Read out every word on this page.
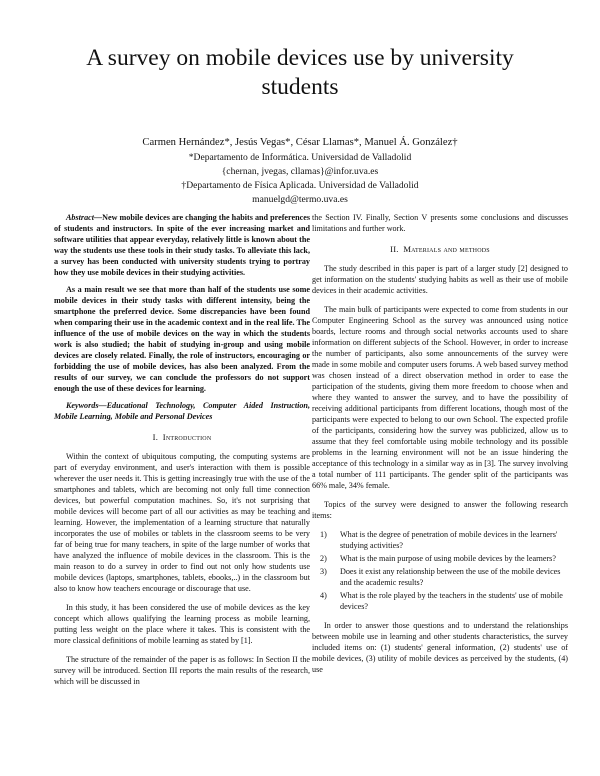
A survey on mobile devices use by university students
Carmen Hernández*, Jesús Vegas*, César Llamas*, Manuel Á. González†
*Departamento de Informática. Universidad de Valladolid
{chernan, jvegas, cllamas}@infor.uva.es
†Departamento de Física Aplicada. Universidad de Valladolid
manuelgd@termo.uva.es

Abstract—New mobile devices are changing the habits and preferences of students and instructors. In spite of the ever increasing market and software utilities that appear everyday, relatively little is known about the way the students use these tools in their study tasks. To alleviate this lack, a survey has been conducted with university students trying to portray how they use mobile devices in their studying activities.

As a main result we see that more than half of the students use some mobile devices in their study tasks with different intensity, being the smartphone the preferred device. Some discrepancies have been found when comparing their use in the academic context and in the real life. The influence of the use of mobile devices on the way in which the students work is also studied; the habit of studying in-group and using mobile devices are closely related. Finally, the role of instructors, encouraging or forbidding the use of mobile devices, has also been analyzed. From the results of our survey, we can conclude the professors do not support enough the use of these devices for learning.

Keywords—Educational Technology, Computer Aided Instruction, Mobile Learning, Mobile and Personal Devices

I. Introduction

Within the context of ubiquitous computing, the computing systems are part of everyday environment, and user's interaction with them is possible wherever the user needs it. This is getting increasingly true with the use of the smartphones and tablets, which are becoming not only full time connection devices, but powerful computation machines. So, it's not surprising that mobile devices will become part of all our activities as may be teaching and learning. However, the implementation of a learning structure that naturally incorporates the use of mobiles or tablets in the classroom seems to be very far of being true for many teachers, in spite of the large number of works that have analyzed the influence of mobile devices in the classroom. This is the main reason to do a survey in order to find out not only how students use mobile devices (laptops, smartphones, tablets, ebooks,..) in the classroom but also to know how teachers encourage or discourage that use.

In this study, it has been considered the use of mobile devices as the key concept which allows qualifying the learning process as mobile learning, putting less weight on the place where it takes. This is consistent with the more classical definitions of mobile learning as stated by [1].

The structure of the remainder of the paper is as follows: In Section II the survey will be introduced. Section III reports the main results of the research, which will be discussed in

the Section IV. Finally, Section V presents some conclusions and discusses limitations and further work.

II. Materials and methods

The study described in this paper is part of a larger study [2] designed to get information on the students' studying habits as well as their use of mobile devices in their academic activities.

The main bulk of participants were expected to come from students in our Computer Engineering School as the survey was announced using notice boards, lecture rooms and through social networks accounts used to share information on different subjects of the School. However, in order to increase the number of participants, also some announcements of the survey were made in some mobile and computer users forums. A web based survey method was chosen instead of a direct observation method in order to ease the participation of the students, giving them more freedom to choose when and where they wanted to answer the survey, and to have the possibility of receiving additional participants from different locations, though most of the participants were expected to belong to our own School. The expected profile of the participants, considering how the survey was publicized, allow us to assume that they feel comfortable using mobile technology and its possible problems in the learning environment will not be an issue hindering the acceptance of this technology in a similar way as in [3]. The survey involving a total number of 111 participants. The gender split of the participants was 66% male, 34% female.

Topics of the survey were designed to answer the following research items:

1)	What is the degree of penetration of mobile devices in the learners' studying activities?
2)	What is the main purpose of using mobile devices by the learners?
3)	Does it exist any relationship between the use of the mobile devices and the academic results?
4)	What is the role played by the teachers in the students' use of mobile devices?

In order to answer those questions and to understand the relationships between mobile use in learning and other students characteristics, the survey included items on: (1) students' general information, (2) students' use of mobile devices, (3) utility of mobile devices as perceived by the students, (4) use
